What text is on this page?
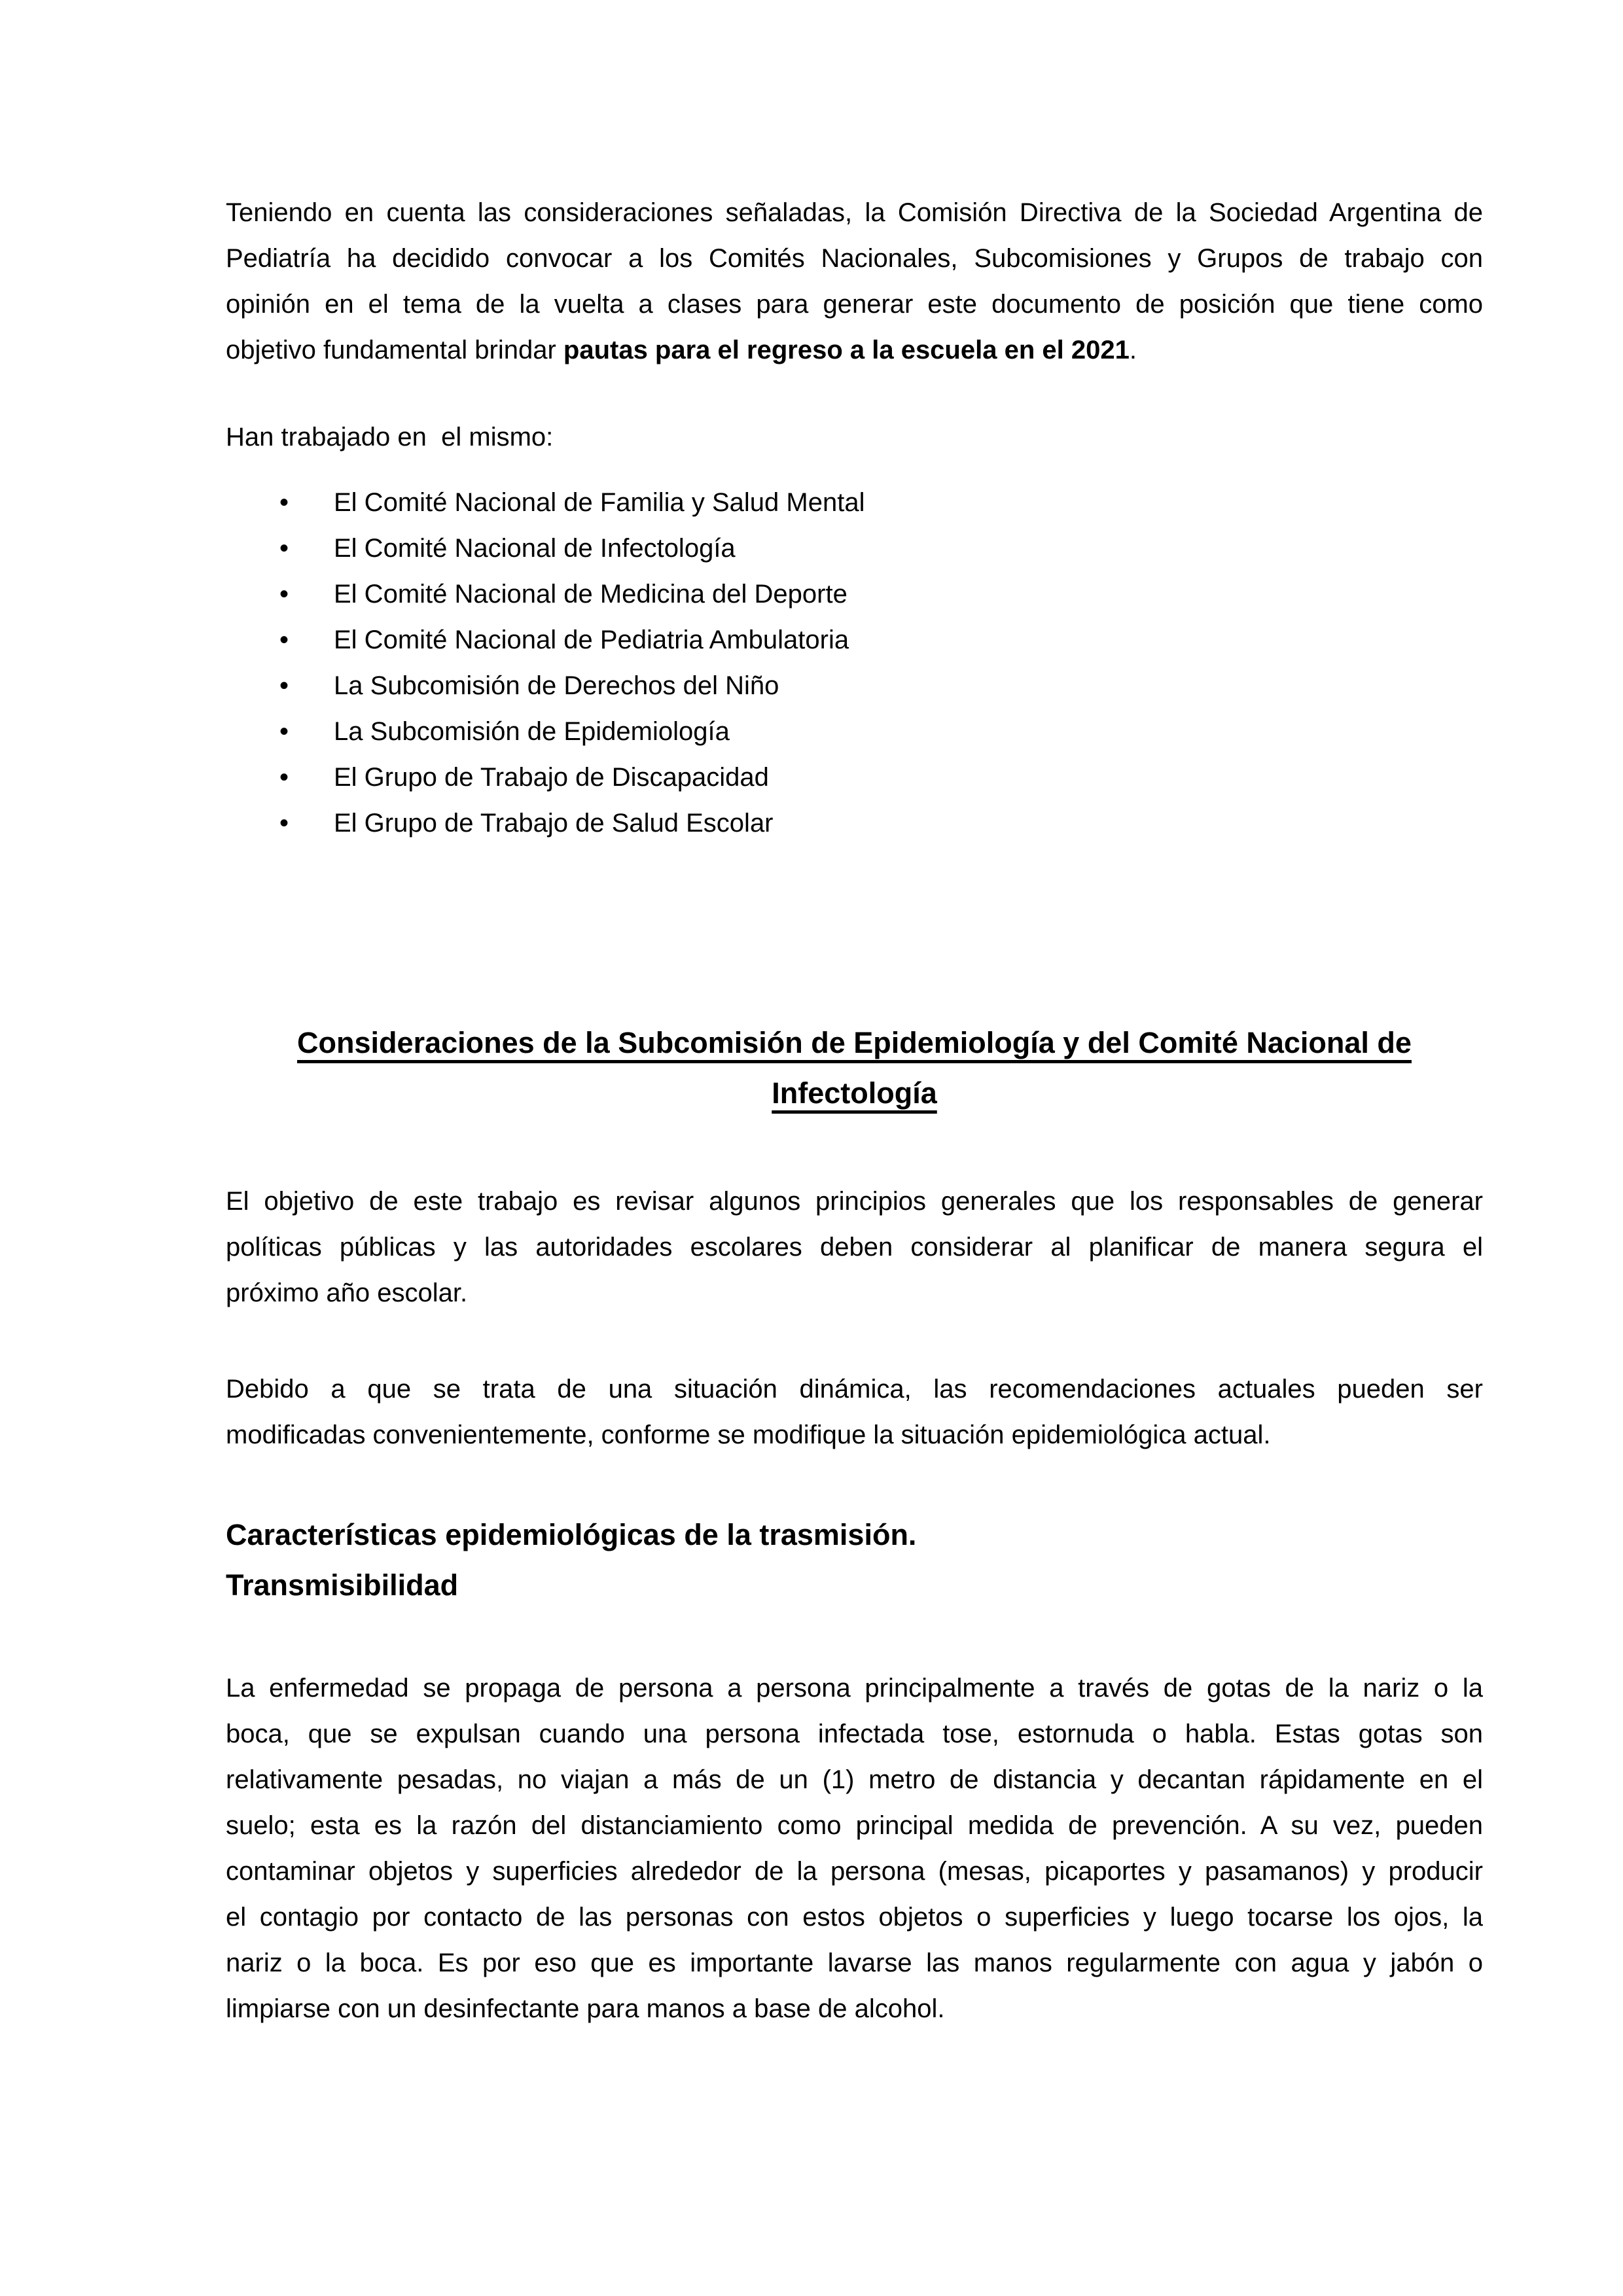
Teniendo en cuenta las consideraciones señaladas, la Comisión Directiva de la Sociedad Argentina de
Pediatría ha decidido convocar a los Comités Nacionales, Subcomisiones y Grupos de trabajo con
opinión en el tema de la vuelta a clases para generar este documento de posición que tiene como
objetivo fundamental brindar pautas para el regreso a la escuela en el 2021.

Han trabajado en  el mismo:

• El Comité Nacional de Familia y Salud Mental
• El Comité Nacional de Infectología
• El Comité Nacional de Medicina del Deporte
• El Comité Nacional de Pediatria Ambulatoria
• La Subcomisión de Derechos del Niño
• La Subcomisión de Epidemiología
• El Grupo de Trabajo de Discapacidad
• El Grupo de Trabajo de Salud Escolar
Consideraciones de la Subcomisión de Epidemiología y del Comité Nacional de
Infectología

El objetivo de este trabajo es revisar algunos principios generales que los responsables de generar
políticas públicas y las autoridades escolares deben considerar al planificar de manera segura el
próximo año escolar.

Debido a que se trata de una situación dinámica, las recomendaciones actuales pueden ser
modificadas convenientemente, conforme se modifique la situación epidemiológica actual.

Características epidemiológicas de la trasmisión.
Transmisibilidad

La enfermedad se propaga de persona a persona principalmente a través de gotas de la nariz o la
boca, que se expulsan cuando una persona infectada tose, estornuda o habla. Estas gotas son
relativamente pesadas, no viajan a más de un (1) metro de distancia y decantan rápidamente en el
suelo; esta es la razón del distanciamiento como principal medida de prevención. A su vez, pueden
contaminar objetos y superficies alrededor de la persona (mesas, picaportes y pasamanos) y producir
el contagio por contacto de las personas con estos objetos o superficies y luego tocarse los ojos, la
nariz o la boca. Es por eso que es importante lavarse las manos regularmente con agua y jabón o
limpiarse con un desinfectante para manos a base de alcohol.
